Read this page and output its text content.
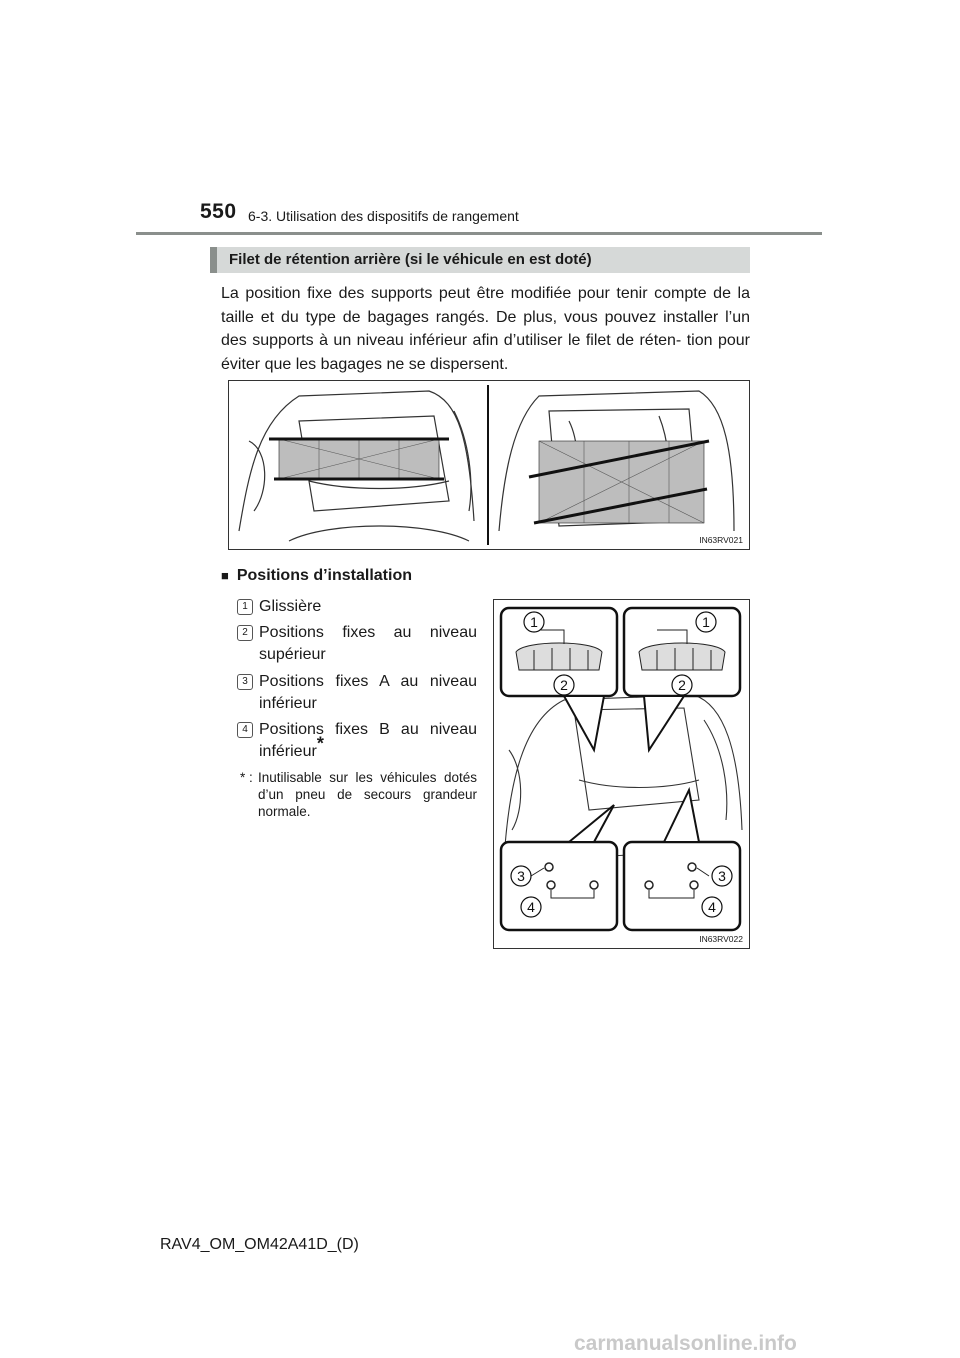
550 6-3. Utilisation des dispositifs de rangement
Filet de rétention arrière (si le véhicule en est doté)
La position fixe des supports peut être modifiée pour tenir compte de la taille et du type de bagages rangés. De plus, vous pouvez installer l’un des supports à un niveau inférieur afin d’utiliser le filet de réten- tion pour éviter que les bagages ne se dispersent.
IN63RV021
■ Positions d’installation
1 Glissière
2 Positions fixes au niveau supérieur
3 Positions fixes A au niveau inférieur
4 Positions fixes B au niveau inférieur*
* : Inutilisable sur les véhicules dotés d’un pneu de secours grandeur normale.
1	1
2	2
3	3
4	4
IN63RV022
RAV4_OM_OM42A41D_(D)
carmanualsonline.info
